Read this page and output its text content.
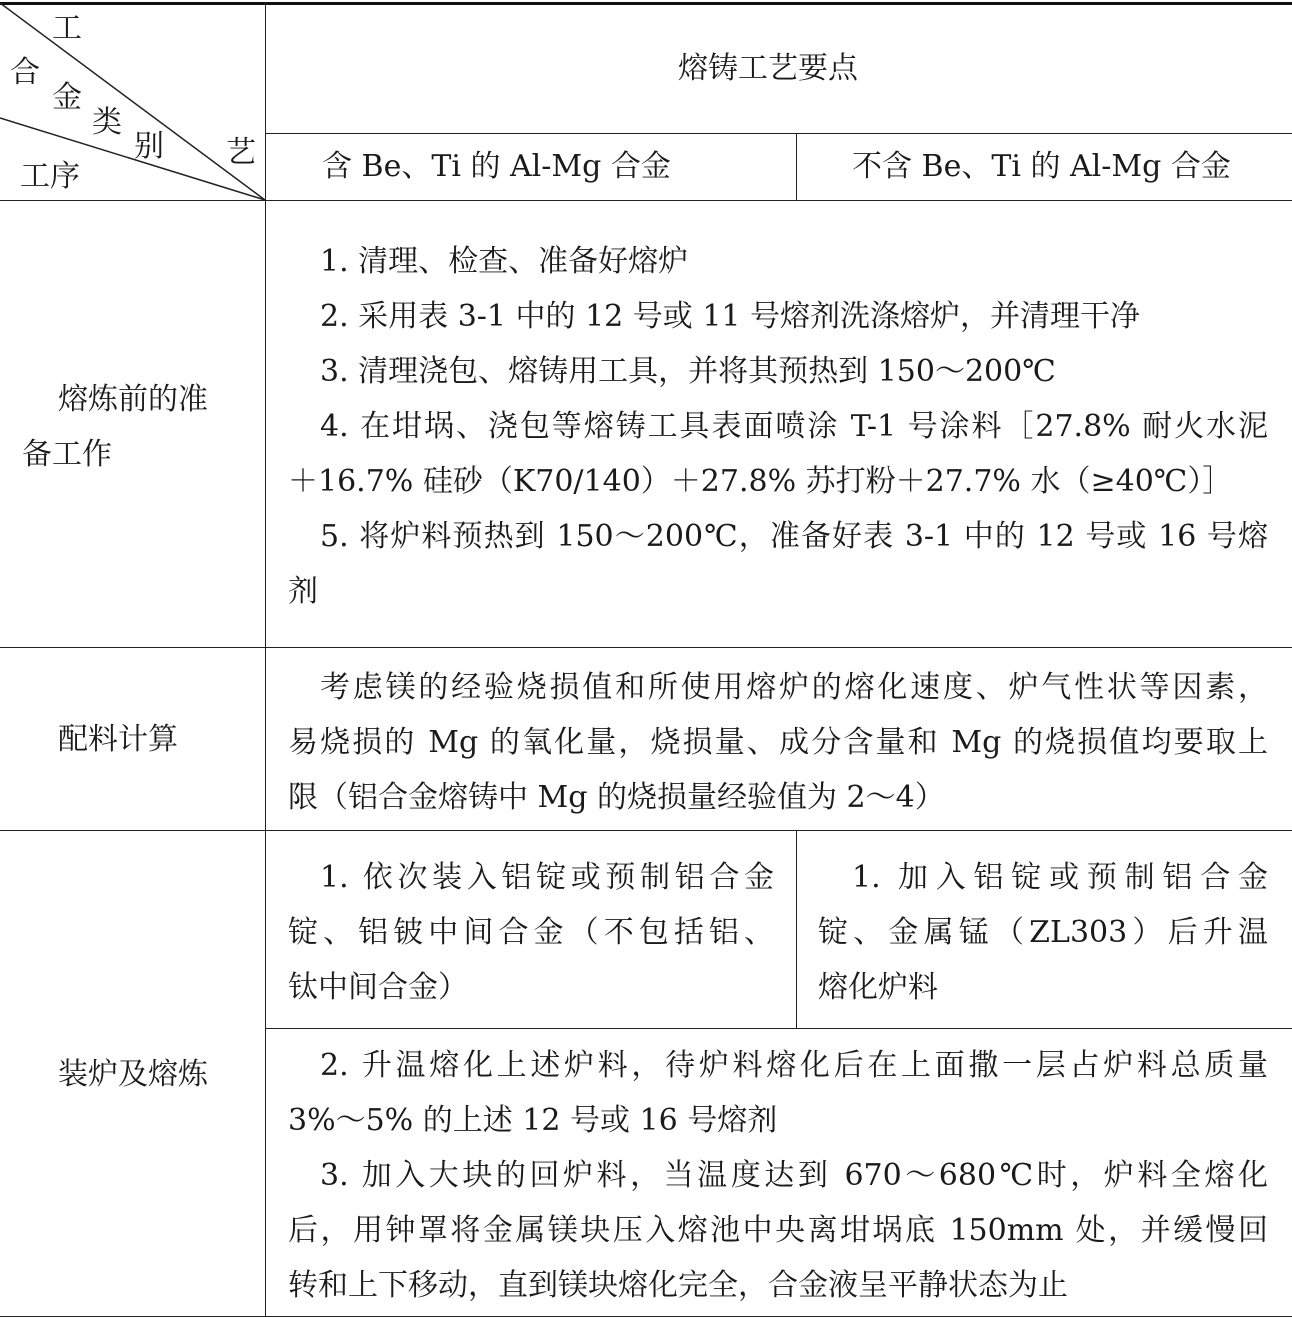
工
合
金
类
别 艺
工序
熔铸工艺要点
含 Be、Ti 的 Al-Mg 合金	不含 Be、Ti 的 Al-Mg 合金
熔炼前的准
备工作
1. 清理、检查、准备好熔炉
2. 采用表 3-1 中的 12 号或 11 号熔剂洗涤熔炉，并清理干净
3. 清理浇包、熔铸用工具，并将其预热到 150～200℃
4. 在坩埚、浇包等熔铸工具表面喷涂 T-1 号涂料［27.8% 耐火水泥
＋16.7% 硅砂（K70/140）＋27.8% 苏打粉＋27.7% 水（≥40℃）］
5. 将炉料预热到 150～200℃，准备好表 3-1 中的 12 号或 16 号熔
剂
配料计算
考虑镁的经验烧损值和所使用熔炉的熔化速度、炉气性状等因素，
易烧损的 Mg 的氧化量，烧损量、成分含量和 Mg 的烧损值均要取上
限（铝合金熔铸中 Mg 的烧损量经验值为 2～4）
装炉及熔炼
1. 依次装入铝锭或预制铝合金
锭、铝铍中间合金（不包括铝、
钛中间合金）
1. 加入铝锭或预制铝合金
锭、金属锰（ZL303）后升温
熔化炉料
2. 升温熔化上述炉料，待炉料熔化后在上面撒一层占炉料总质量
3%～5% 的上述 12 号或 16 号熔剂
3. 加入大块的回炉料，当温度达到 670～680℃时，炉料全熔化
后，用钟罩将金属镁块压入熔池中央离坩埚底 150mm 处，并缓慢回
转和上下移动，直到镁块熔化完全，合金液呈平静状态为止
